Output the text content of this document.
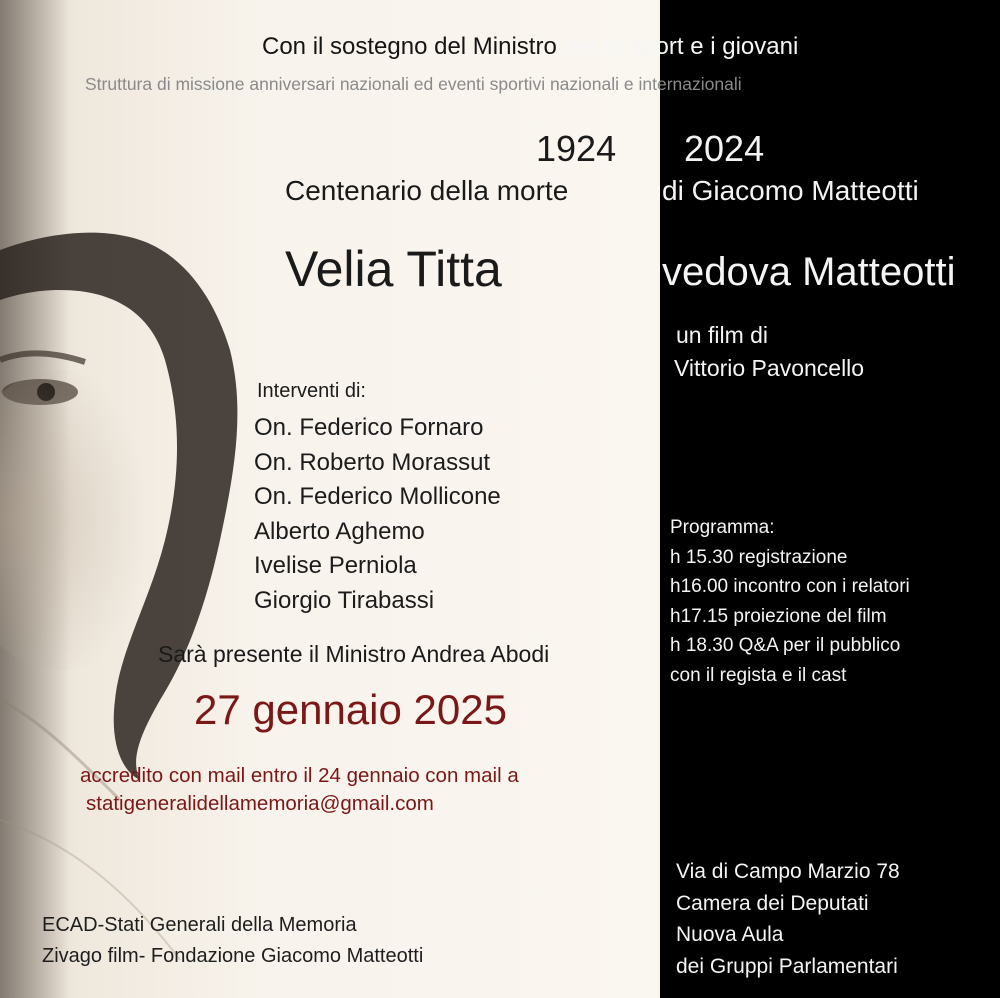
Con il sostegno del Ministro per lo sport e i giovani

Struttura di missione anniversari nazionali ed eventi sportivi nazionali e internazionali

1924 2024

Centenario della morte	di Giacomo Matteotti

Velia Titta	vedova Matteotti

un film di

Vittorio Pavoncello

Interventi di:
On. Federico Fornaro
On. Roberto Morassut
On. Federico Mollicone
Alberto Aghemo
Ivelise Perniola
Giorgio Tirabassi

Sarà presente il Ministro Andrea Abodi

27 gennaio 2025

accredito con mail entro il 24 gennaio con mail a

statigeneralidellamemoria@gmail.com

Programma:
h 15.30 registrazione
h16.00 incontro con i relatori
h17.15 proiezione del film
h 18.30 Q&A per il pubblico
con il regista e il cast
Via di Campo Marzio 78
Camera dei Deputati
Nuova Aula
dei Gruppi Parlamentari
ECAD-Stati Generali della Memoria
Zivago film- Fondazione Giacomo Matteotti
